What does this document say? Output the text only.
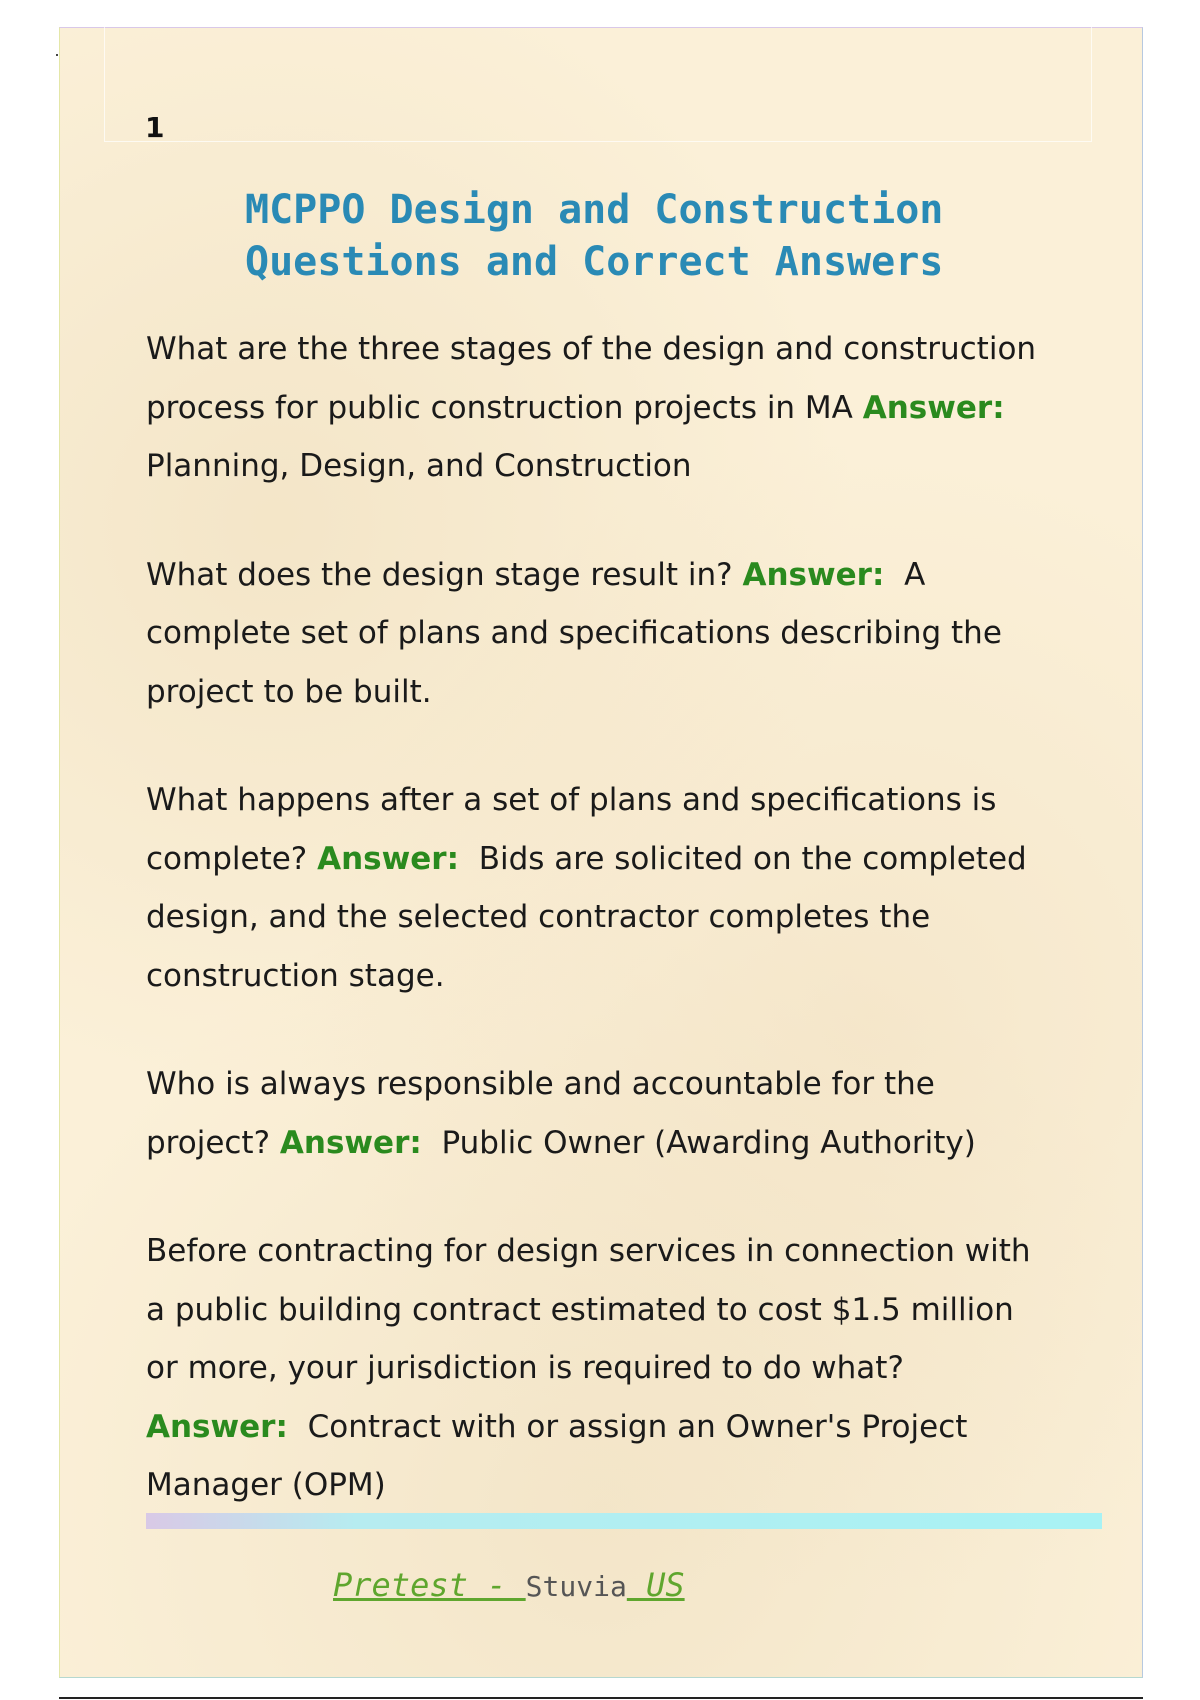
1
MCPPO Design and Construction Questions and Correct Answers

What are the three stages of the design and construction process for public construction projects in MA Answer:  Planning, Design, and Construction

What does the design stage result in? Answer: A complete set of plans and specifications describing the project to be built.

What happens after a set of plans and specifications is complete? Answer: Bids are solicited on the completed design, and the selected contractor completes the construction stage.

Who is always responsible and accountable for the project? Answer: Public Owner (Awarding Authority)

Before contracting for design services in connection with a public building contract estimated to cost $1.5 million or more, your jurisdiction is required to do what? Answer: Contract with or assign an Owner's Project Manager (OPM)

Pretest - Stuvia US
